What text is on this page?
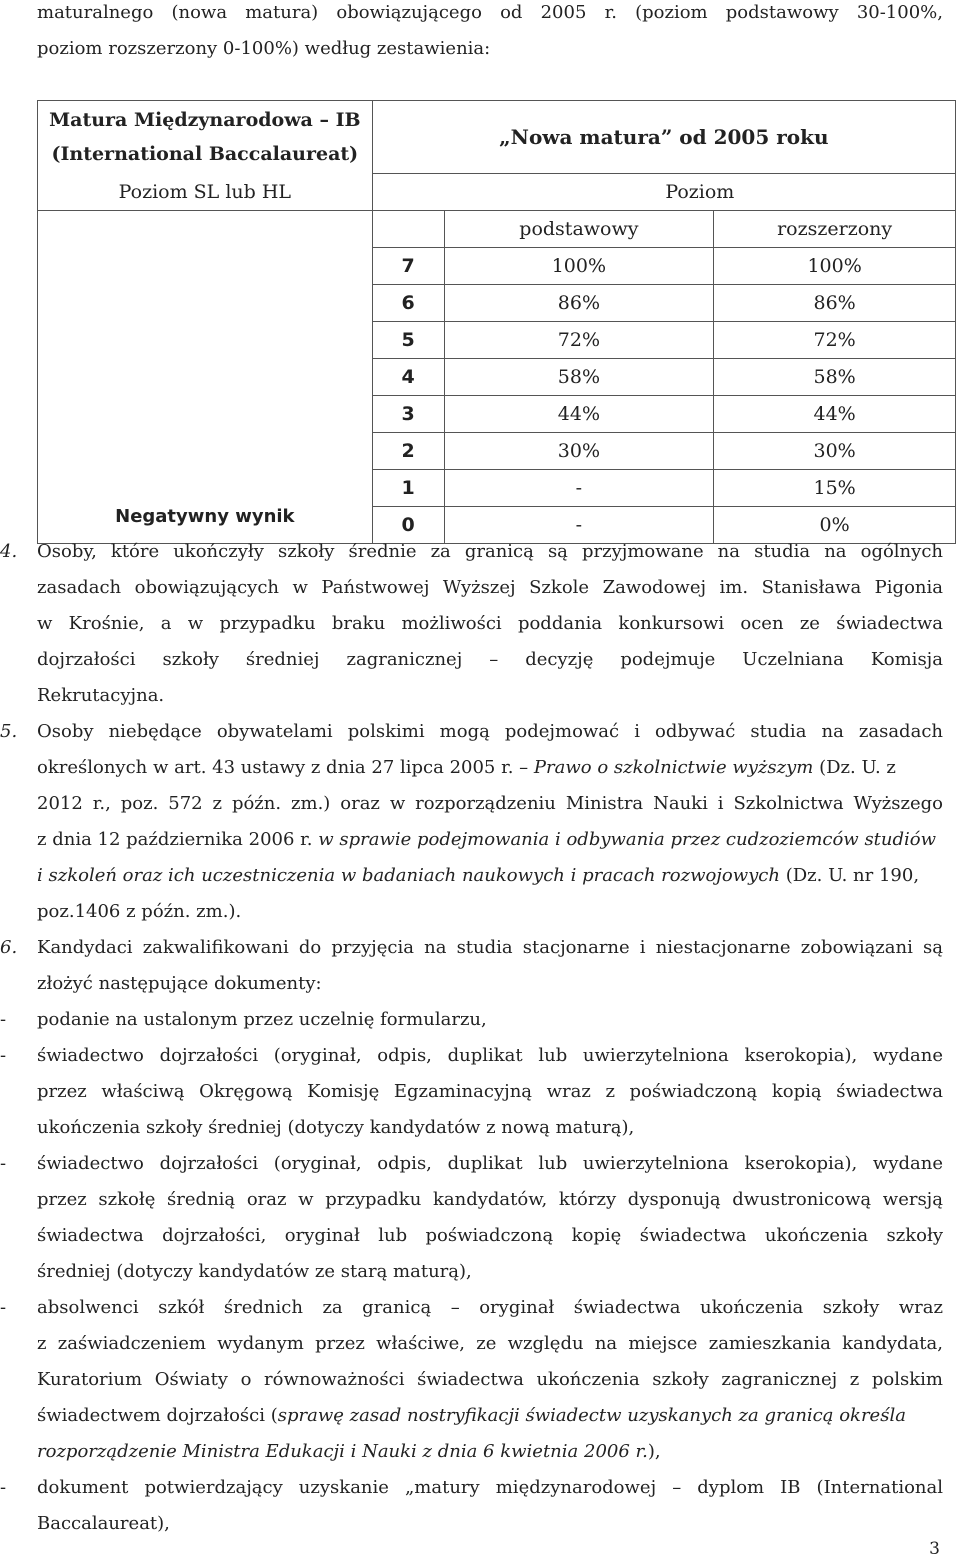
maturalnego (nowa matura) obowiązującego od 2005 r. (poziom podstawowy 30-100%,
poziom rozszerzony 0-100%) według zestawienia:
Matura Międzynarodowa – IB
(International Baccalaureat)	„Nowa matura” od 2005 roku		
Poziom SL lub HL	Poziom		
		podstawowy	rozszerzony
	7	100%	100%
	6	86%	86%
	5	72%	72%
	4	58%	58%
	3	44%	44%
	2	30%	30%
Negatywny wynik	1	-	15%
	0	-	0%
4. Osoby, które ukończyły szkoły średnie za granicą są przyjmowane na studia na ogólnych
zasadach obowiązujących w Państwowej Wyższej Szkole Zawodowej im. Stanisława Pigonia
w Krośnie, a w przypadku braku możliwości poddania konkursowi ocen ze świadectwa
dojrzałości szkoły średniej zagranicznej – decyzję podejmuje Uczelniana Komisja
Rekrutacyjna.
5. Osoby niebędące obywatelami polskimi mogą podejmować i odbywać studia na zasadach
określonych w art. 43 ustawy z dnia 27 lipca 2005 r. – Prawo o szkolnictwie wyższym (Dz. U. z
2012 r., poz. 572 z późn. zm.) oraz w rozporządzeniu Ministra Nauki i Szkolnictwa Wyższego
z dnia 12 października 2006 r. w sprawie podejmowania i odbywania przez cudzoziemców studiów
i szkoleń oraz ich uczestniczenia w badaniach naukowych i pracach rozwojowych (Dz. U. nr 190,
poz.1406 z późn. zm.).
6. Kandydaci zakwalifikowani do przyjęcia na studia stacjonarne i niestacjonarne zobowiązani są
złożyć następujące dokumenty:
- podanie na ustalonym przez uczelnię formularzu,
- świadectwo dojrzałości (oryginał, odpis, duplikat lub uwierzytelniona kserokopia), wydane
przez właściwą Okręgową Komisję Egzaminacyjną wraz z poświadczoną kopią świadectwa
ukończenia szkoły średniej (dotyczy kandydatów z nową maturą),
- świadectwo dojrzałości (oryginał, odpis, duplikat lub uwierzytelniona kserokopia), wydane
przez szkołę średnią oraz w przypadku kandydatów, którzy dysponują dwustronicową wersją
świadectwa dojrzałości, oryginał lub poświadczoną kopię świadectwa ukończenia szkoły
średniej (dotyczy kandydatów ze starą maturą),
- absolwenci szkół średnich za granicą – oryginał świadectwa ukończenia szkoły wraz
z zaświadczeniem wydanym przez właściwe, ze względu na miejsce zamieszkania kandydata,
Kuratorium Oświaty o równoważności świadectwa ukończenia szkoły zagranicznej z polskim
świadectwem dojrzałości (sprawę zasad nostryfikacji świadectw uzyskanych za granicą określa
rozporządzenie Ministra Edukacji i Nauki z dnia 6 kwietnia 2006 r.),
- dokument potwierdzający uzyskanie „matury międzynarodowej – dyplom IB (International
Baccalaureat),
3
